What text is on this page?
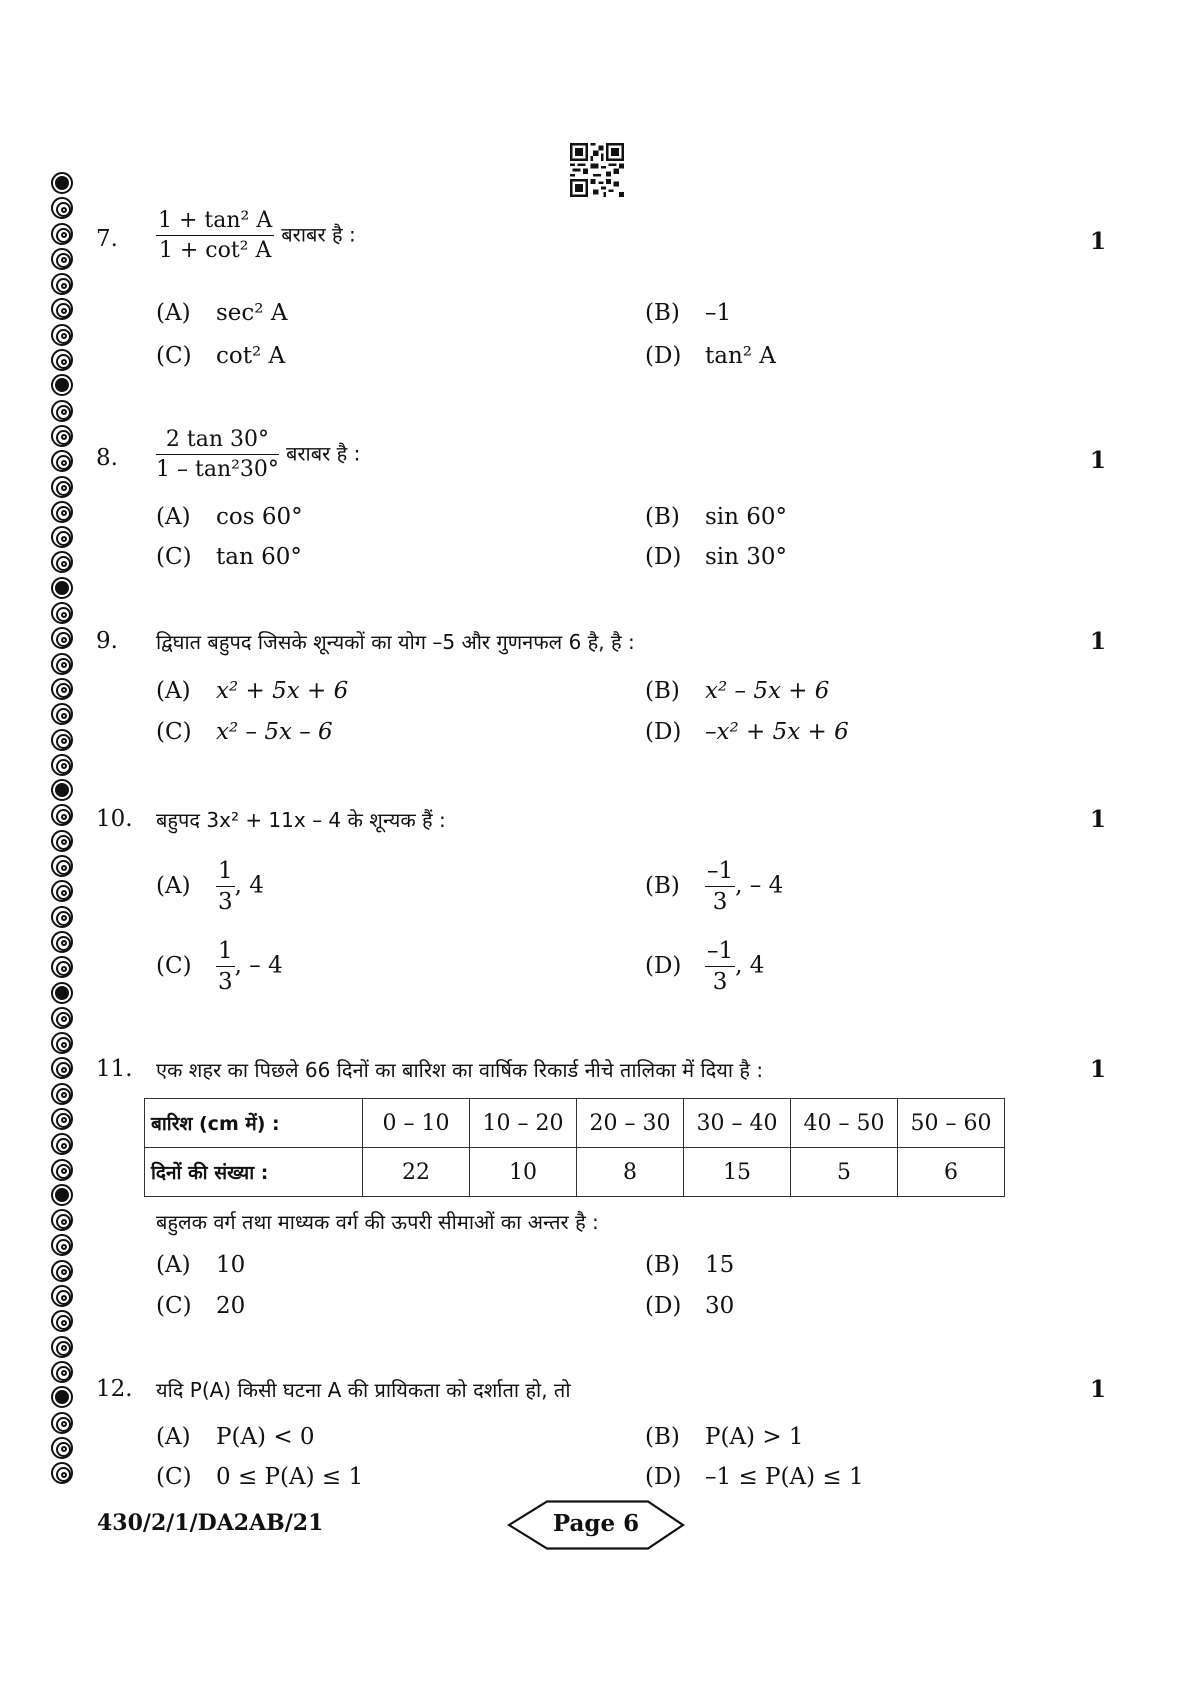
7. $\frac{\text{1 + tan² A}}{\text{1 + cot² A}}$ बराबर है :	1
(A) sec² A	(B) –1
(C) cot² A	(D) tan² A
8. $\frac{2 \tan 30^\circ}{\text{1 – tan²30°}}$ बराबर है :	1
(A) cos 60°	(B) sin 60°
(C) tan 60°	(D) sin 30°
9. द्विघात बहुपद जिसके शून्यकों का योग –5 और गुणनफल 6 है, है :	1
(A) x² + 5x + 6	(B) x² – 5x + 6
(C) x² – 5x – 6	(D) –x² + 5x + 6
10. बहुपद 3x² + 11x – 4 के शून्यक हैं :	1
$(A) \frac{1}{3}$ , 4	$(B) \frac{-1}{3}$ , – 4
$(C) \frac{1}{3}$ , – 4	$(D) \frac{-1}{3}$ , 4
11. एक शहर का पिछले 66 दिनों का बारिश का वार्षिक रिकार्ड नीचे तालिका में दिया है :	1
बारिश (cm में) :	0 – 10	10 – 20	20 – 30	30 – 40	40 – 50	50 – 60
दिनों की संख्या :	22	10	8	15	5	6
बहुलक वर्ग तथा माध्यक वर्ग की ऊपरी सीमाओं का अन्तर है :
(A) 10	(B) 15
(C) 20	(D) 30
12. यदि P(A) किसी घटना A की प्रायिकता को दर्शाता हो, तो	1
(A) P(A) < 0	(B) P(A) > 1
(C) 0 ≤ P(A) ≤ 1	(D) –1 ≤ P(A) ≤ 1
430/2/1/DA2AB/21	Page 6
